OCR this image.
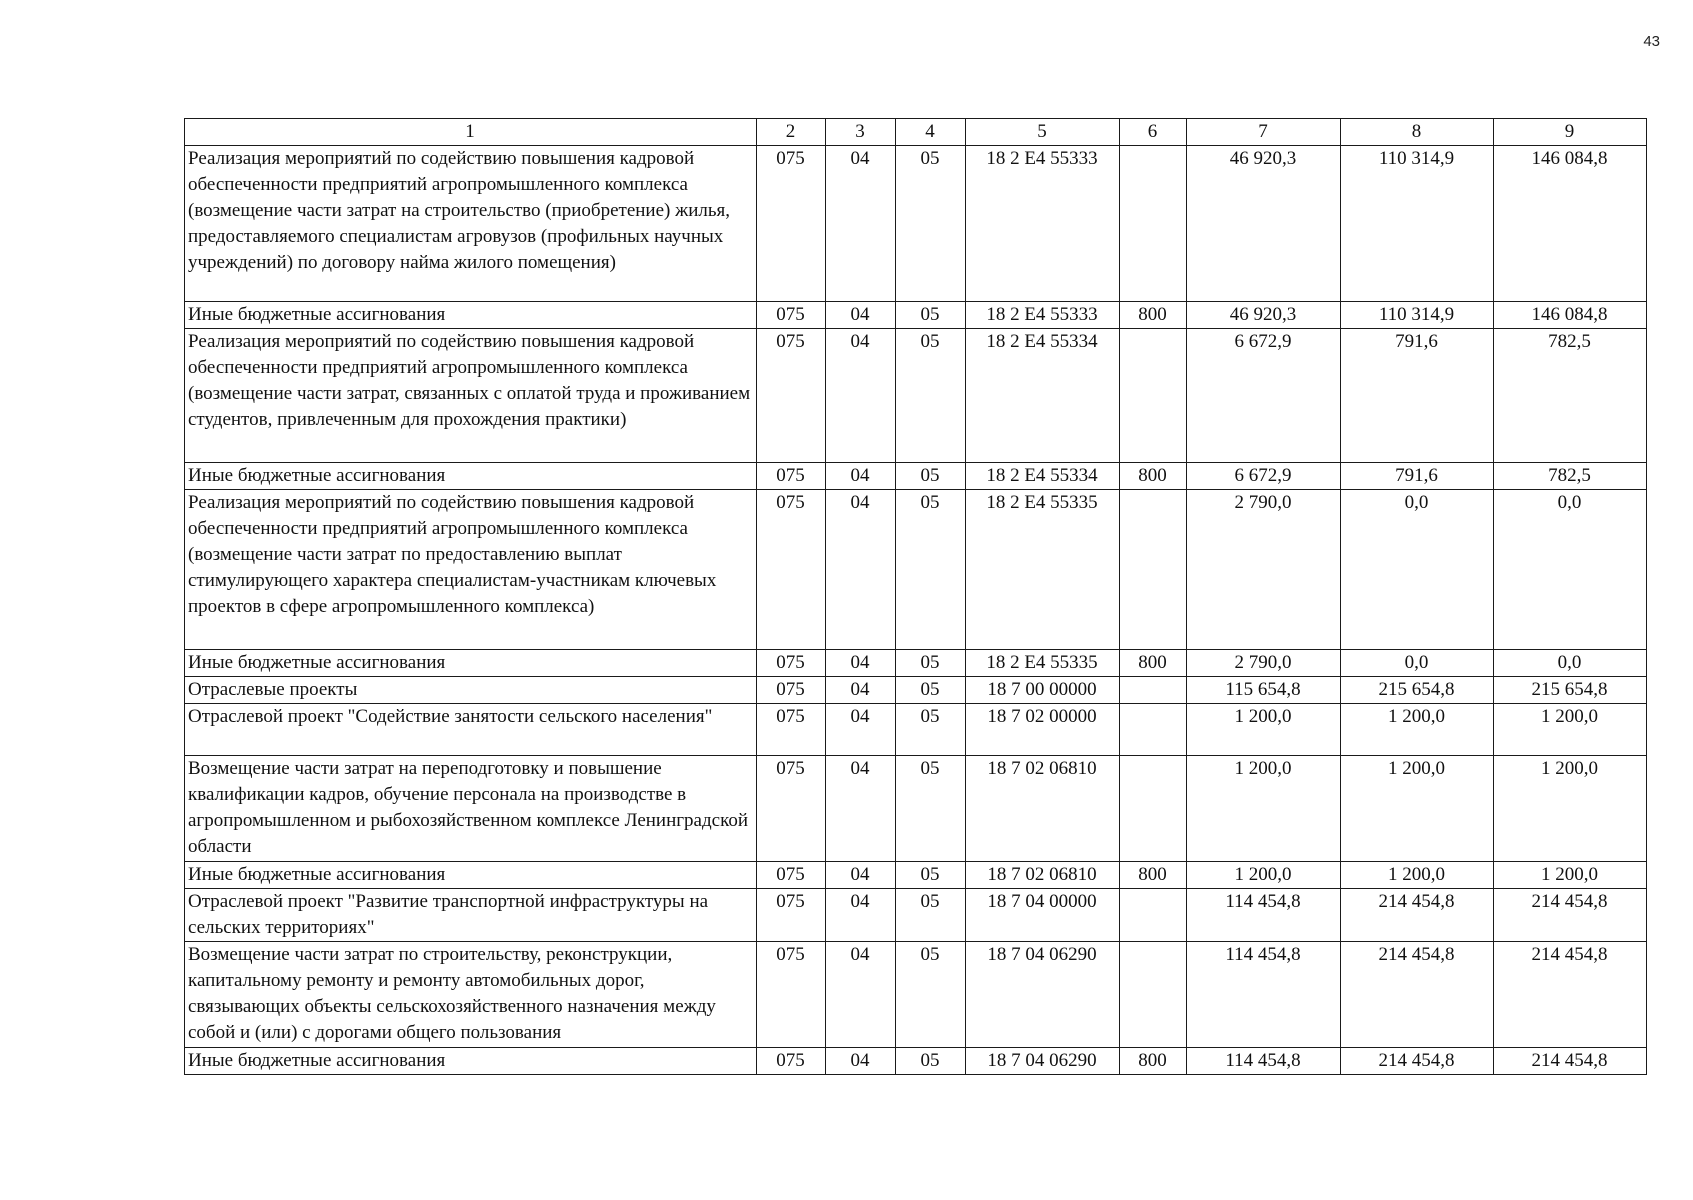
43
1	2	3	4	5	6	7	8	9
Реализация мероприятий по содействию повышения кадровой обеспеченности предприятий агропромышленного комплекса (возмещение части затрат на строительство (приобретение) жилья, предоставляемого специалистам агровузов (профильных научных учреждений) по договору найма жилого помещения)	075	04	05	18 2 Е4 55333		46 920,3	110 314,9	146 084,8
Иные бюджетные ассигнования	075	04	05	18 2 Е4 55333	800	46 920,3	110 314,9	146 084,8
Реализация мероприятий по содействию повышения кадровой обеспеченности предприятий агропромышленного комплекса (возмещение части затрат, связанных с оплатой труда и проживанием студентов, привлеченным для прохождения практики)	075	04	05	18 2 Е4 55334		6 672,9	791,6	782,5
Иные бюджетные ассигнования	075	04	05	18 2 Е4 55334	800	6 672,9	791,6	782,5
Реализация мероприятий по содействию повышения кадровой обеспеченности предприятий агропромышленного комплекса (возмещение части затрат по предоставлению выплат стимулирующего характера специалистам-участникам ключевых проектов в сфере агропромышленного комплекса)	075	04	05	18 2 Е4 55335		2 790,0	0,0	0,0
Иные бюджетные ассигнования	075	04	05	18 2 Е4 55335	800	2 790,0	0,0	0,0
Отраслевые проекты	075	04	05	18 7 00 00000		115 654,8	215 654,8	215 654,8
Отраслевой проект "Содействие занятости сельского населения"	075	04	05	18 7 02 00000		1 200,0	1 200,0	1 200,0
Возмещение части затрат на переподготовку и повышение квалификации кадров, обучение персонала на производстве в агропромышленном и рыбохозяйственном комплексе Ленинградской области	075	04	05	18 7 02 06810		1 200,0	1 200,0	1 200,0
Иные бюджетные ассигнования	075	04	05	18 7 02 06810	800	1 200,0	1 200,0	1 200,0
Отраслевой проект "Развитие транспортной инфраструктуры на сельских территориях"	075	04	05	18 7 04 00000		114 454,8	214 454,8	214 454,8
Возмещение части затрат по строительству, реконструкции, капитальному ремонту и ремонту автомобильных дорог, связывающих объекты сельскохозяйственного назначения между собой и (или) с дорогами общего пользования	075	04	05	18 7 04 06290		114 454,8	214 454,8	214 454,8
Иные бюджетные ассигнования	075	04	05	18 7 04 06290	800	114 454,8	214 454,8	214 454,8
